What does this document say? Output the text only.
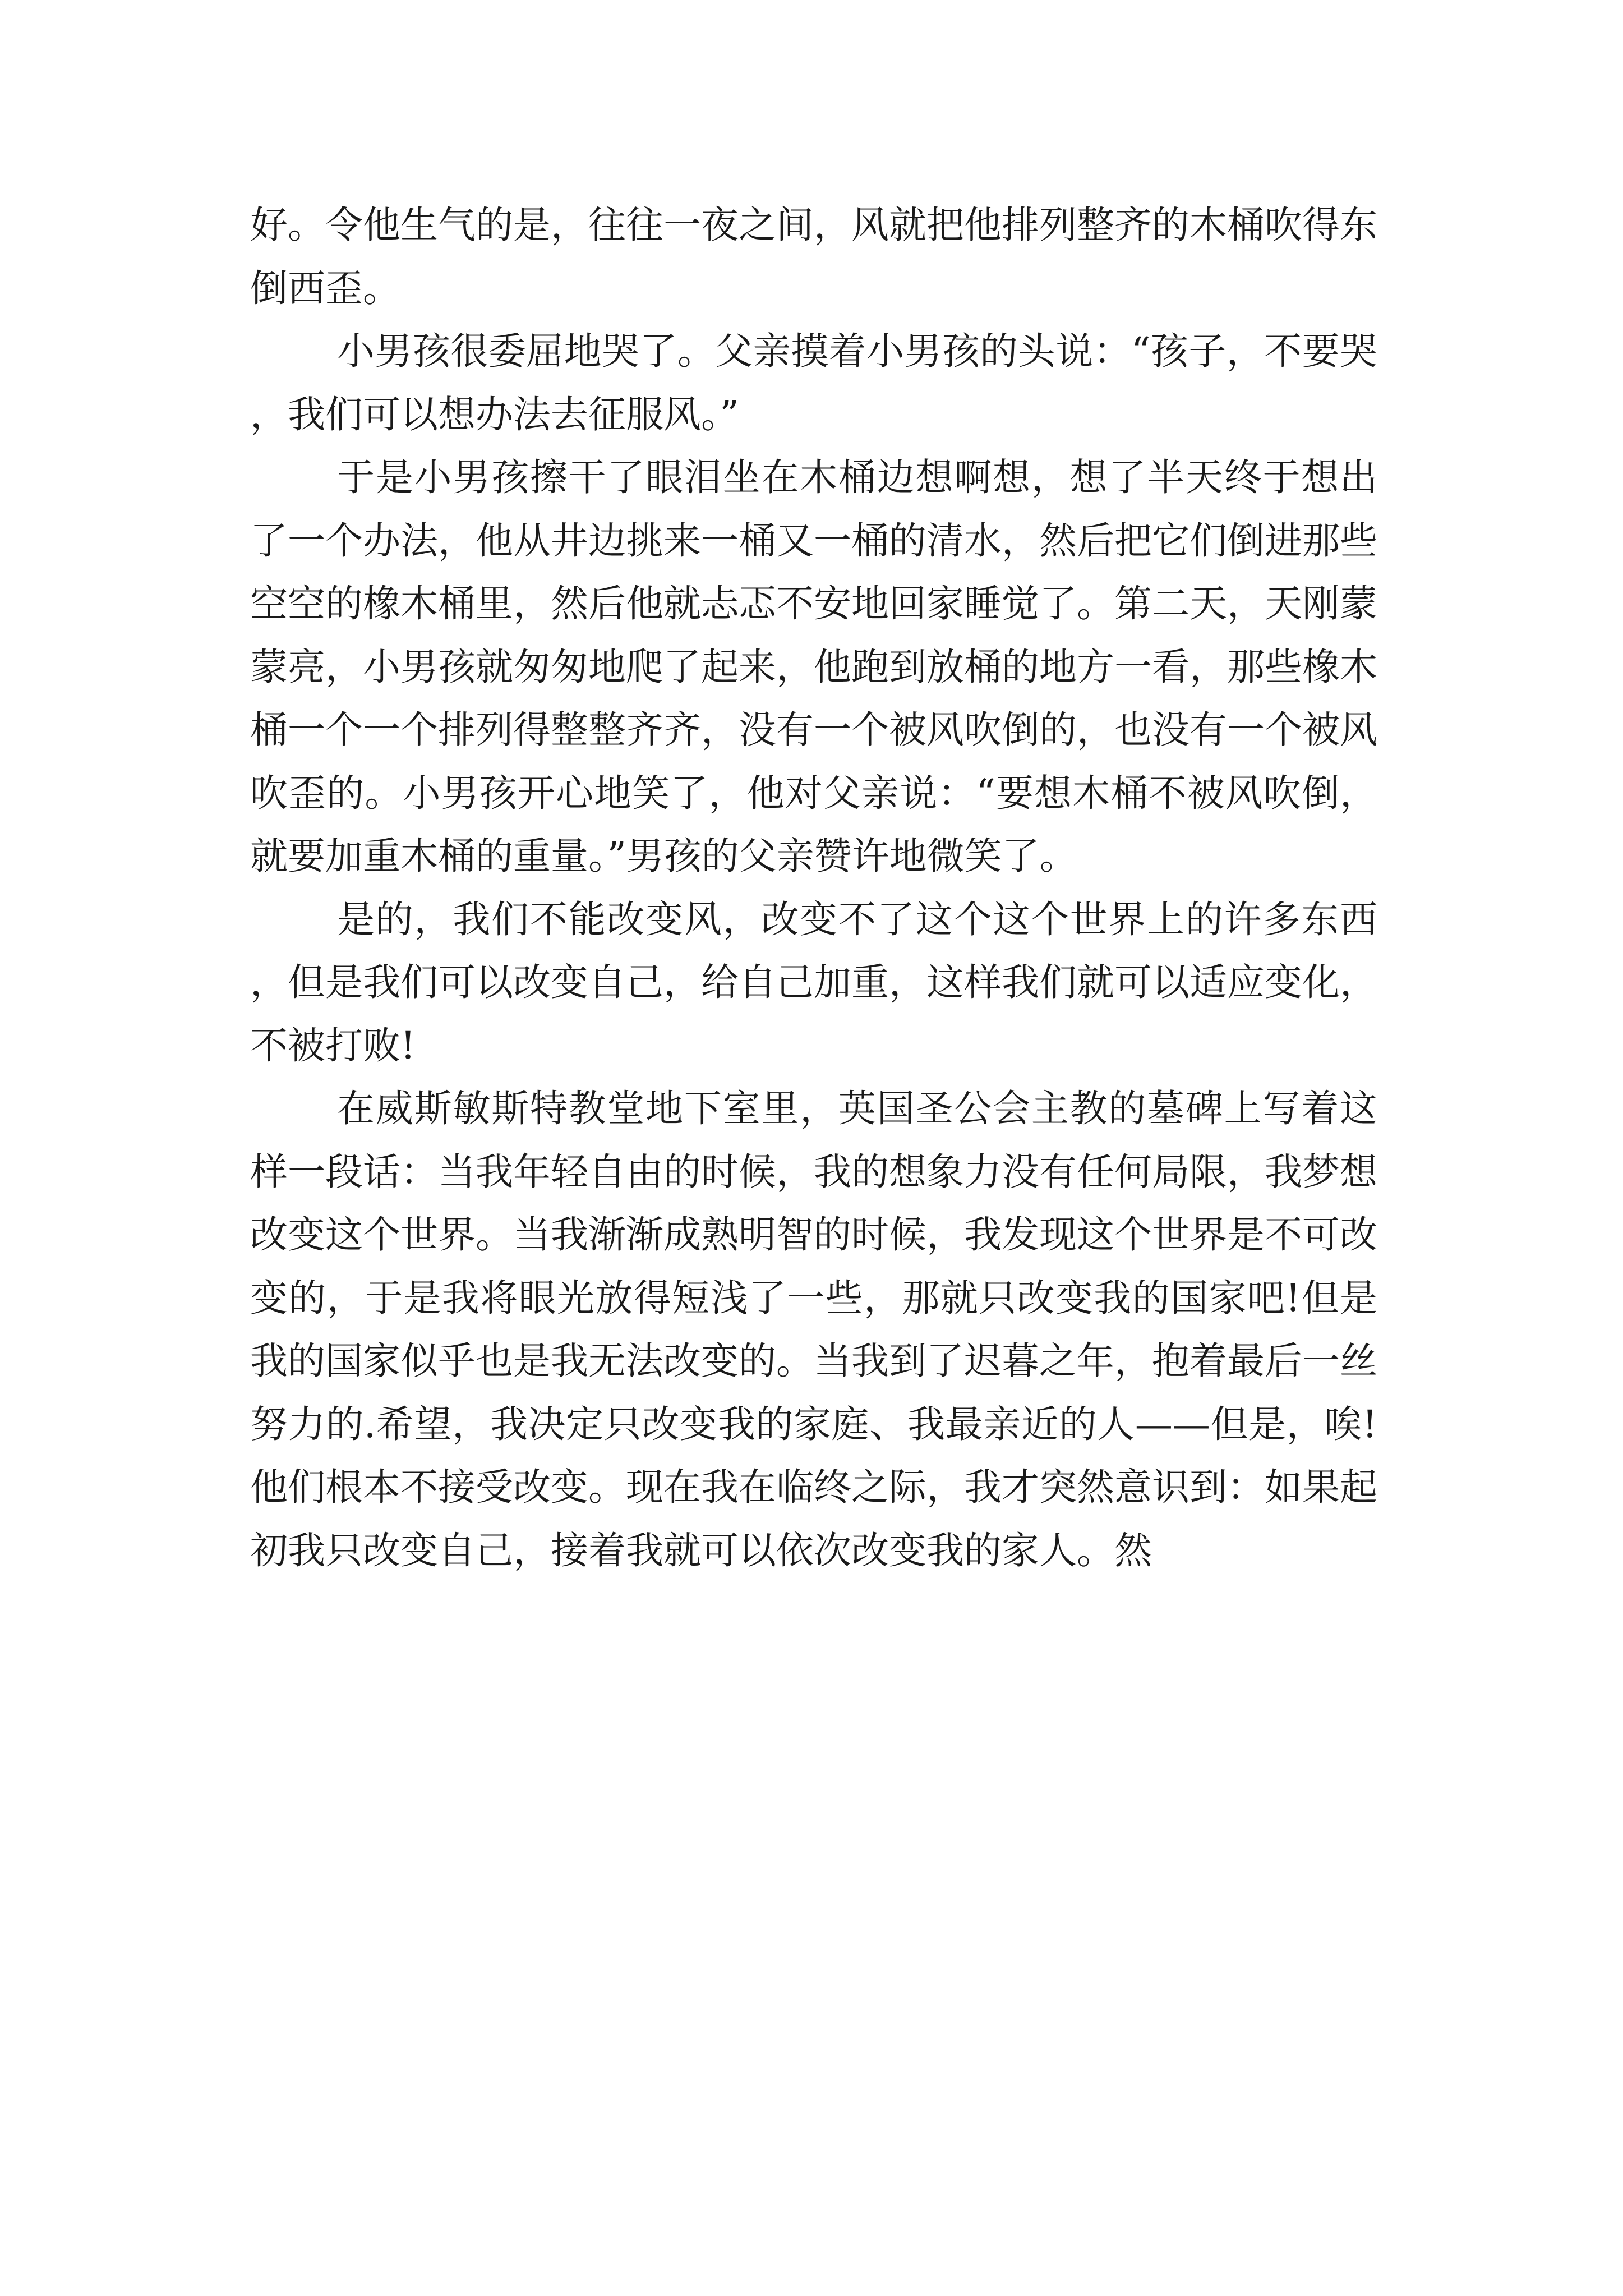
好。令他生气的是，往往一夜之间，风就把他排列整齐的木桶吹得东倒西歪。

小男孩很委屈地哭了。父亲摸着小男孩的头说：“孩子，不要哭，我们可以想办法去征服风。”

于是小男孩擦干了眼泪坐在木桶边想啊想，想了半天终于想出了一个办法，他从井边挑来一桶又一桶的清水，然后把它们倒进那些空空的橡木桶里，然后他就忐忑不安地回家睡觉了。第二天，天刚蒙蒙亮，小男孩就匆匆地爬了起来，他跑到放桶的地方一看，那些橡木桶一个一个排列得整整齐齐，没有一个被风吹倒的，也没有一个被风吹歪的。小男孩开心地笑了，他对父亲说：“要想木桶不被风吹倒，就要加重木桶的重量。”男孩的父亲赞许地微笑了。

是的，我们不能改变风，改变不了这个这个世界上的许多东西，但是我们可以改变自己，给自己加重，这样我们就可以适应变化，不被打败!

在威斯敏斯特教堂地下室里，英国圣公会主教的墓碑上写着这样一段话：当我年轻自由的时候，我的想象力没有任何局限，我梦想改变这个世界。当我渐渐成熟明智的时候，我发现这个世界是不可改变的，于是我将眼光放得短浅了一些，那就只改变我的国家吧!但是我的国家似乎也是我无法改变的。当我到了迟暮之年，抱着最后一丝努力的.希望，我决定只改变我的家庭、我最亲近的人——但是，唉!他们根本不接受改变。现在我在临终之际，我才突然意识到：如果起初我只改变自己，接着我就可以依次改变我的家人。然
